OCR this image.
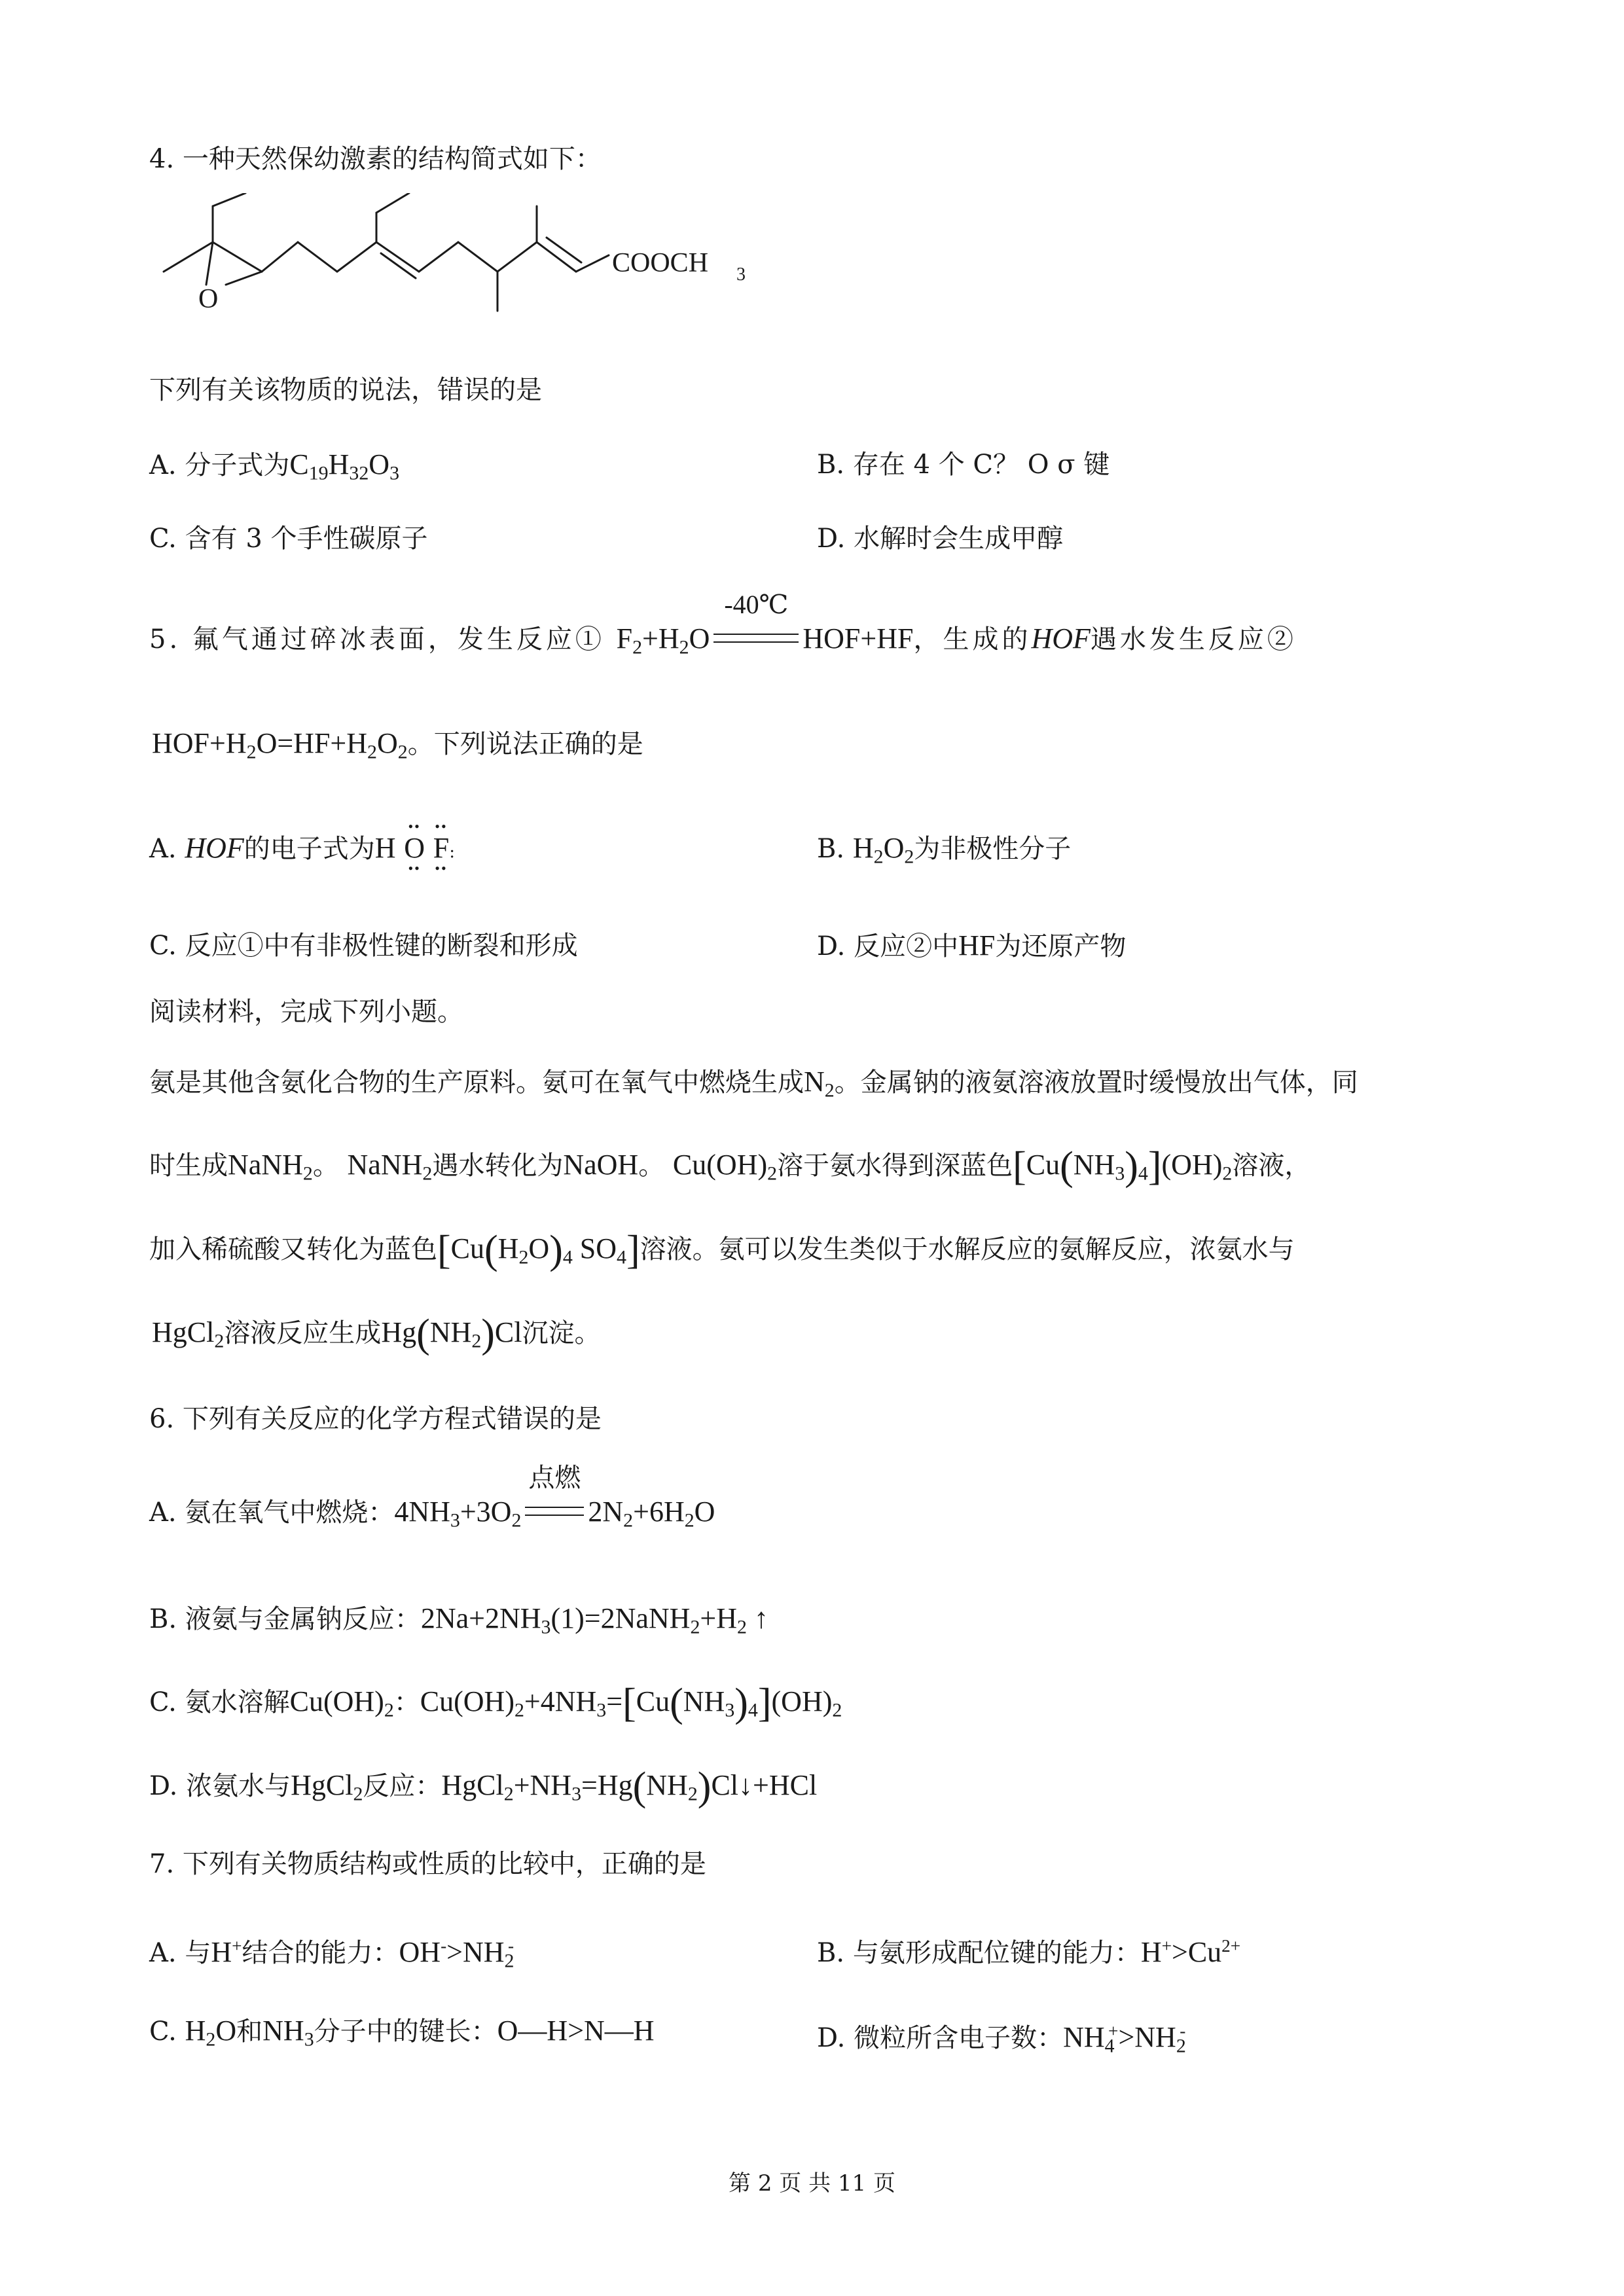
4. 一种天然保幼激素的结构简式如下：
O
COOCH 3
下列有关该物质的说法，错误的是
A. 分子式为$C_{19}H_{32}O_3$	B. 存在 4 个 C？ O σ 键
C. 含有 3 个手性碳原子	D. 水解时会生成甲醇
5. 氟气通过碎冰表面，发生反应① $F_2+H_2O$
-40℃
HOF+HF，生成的HOF遇水发生反应②
$HOF+H_2O=HF+H_2O_2$。下列说法正确的是
A. HOF的电子式为H
••
O
••

••
F
••
:	B. $H_2O_2$为非极性分子
C. 反应①中有非极性键的断裂和形成	D. 反应②中HF为还原产物
阅读材料，完成下列小题。
氨是其他含氨化合物的生产原料。氨可在氧气中燃烧生成$N_2$。金属钠的液氨溶液放置时缓慢放出气体，同
时生成NaNH$_2$。 NaNH$_2$遇水转化为NaOH。 $Cu(OH)_2$溶于氨水得到深蓝色$[Cu(NH_3)_4](OH)_2$溶液，
加入稀硫酸又转化为蓝色[$Cu(H_2O)_4$ $SO_4$]溶液。氨可以发生类似于水解反应的氨解反应，浓氨水与
HgCl$_2$溶液反应生成$Hg(NH_2)Cl$沉淀。
6. 下列有关反应的化学方程式错误的是
A. 氨在氧气中燃烧：$4NH_3+3O_2$
点燃
$2N_2+6H_2O$
B. 液氨与金属钠反应：$2Na+2NH_3(1)=2NaNH_2+H_2$ ↑
C. 氨水溶解$Cu(OH)_2$：$Cu(OH)_2+4NH_3=[Cu(NH_3)_4](OH)_2$
D. 浓氨水与HgCl$_2$反应：$HgCl_2+NH_3=Hg(NH_2)Cl↓+HCl$
7. 下列有关物质结构或性质的比较中，正确的是
A. 与H+结合的能力：$OH^->NH_2^-$	B. 与氨形成配位键的能力：$H^+>Cu^{2+}$
C. $H_2O$和$NH_3$分子中的键长：O—H>N—H	D. 微粒所含电子数：$NH_4^+>NH_2^-$
第 2 页 共 11 页
